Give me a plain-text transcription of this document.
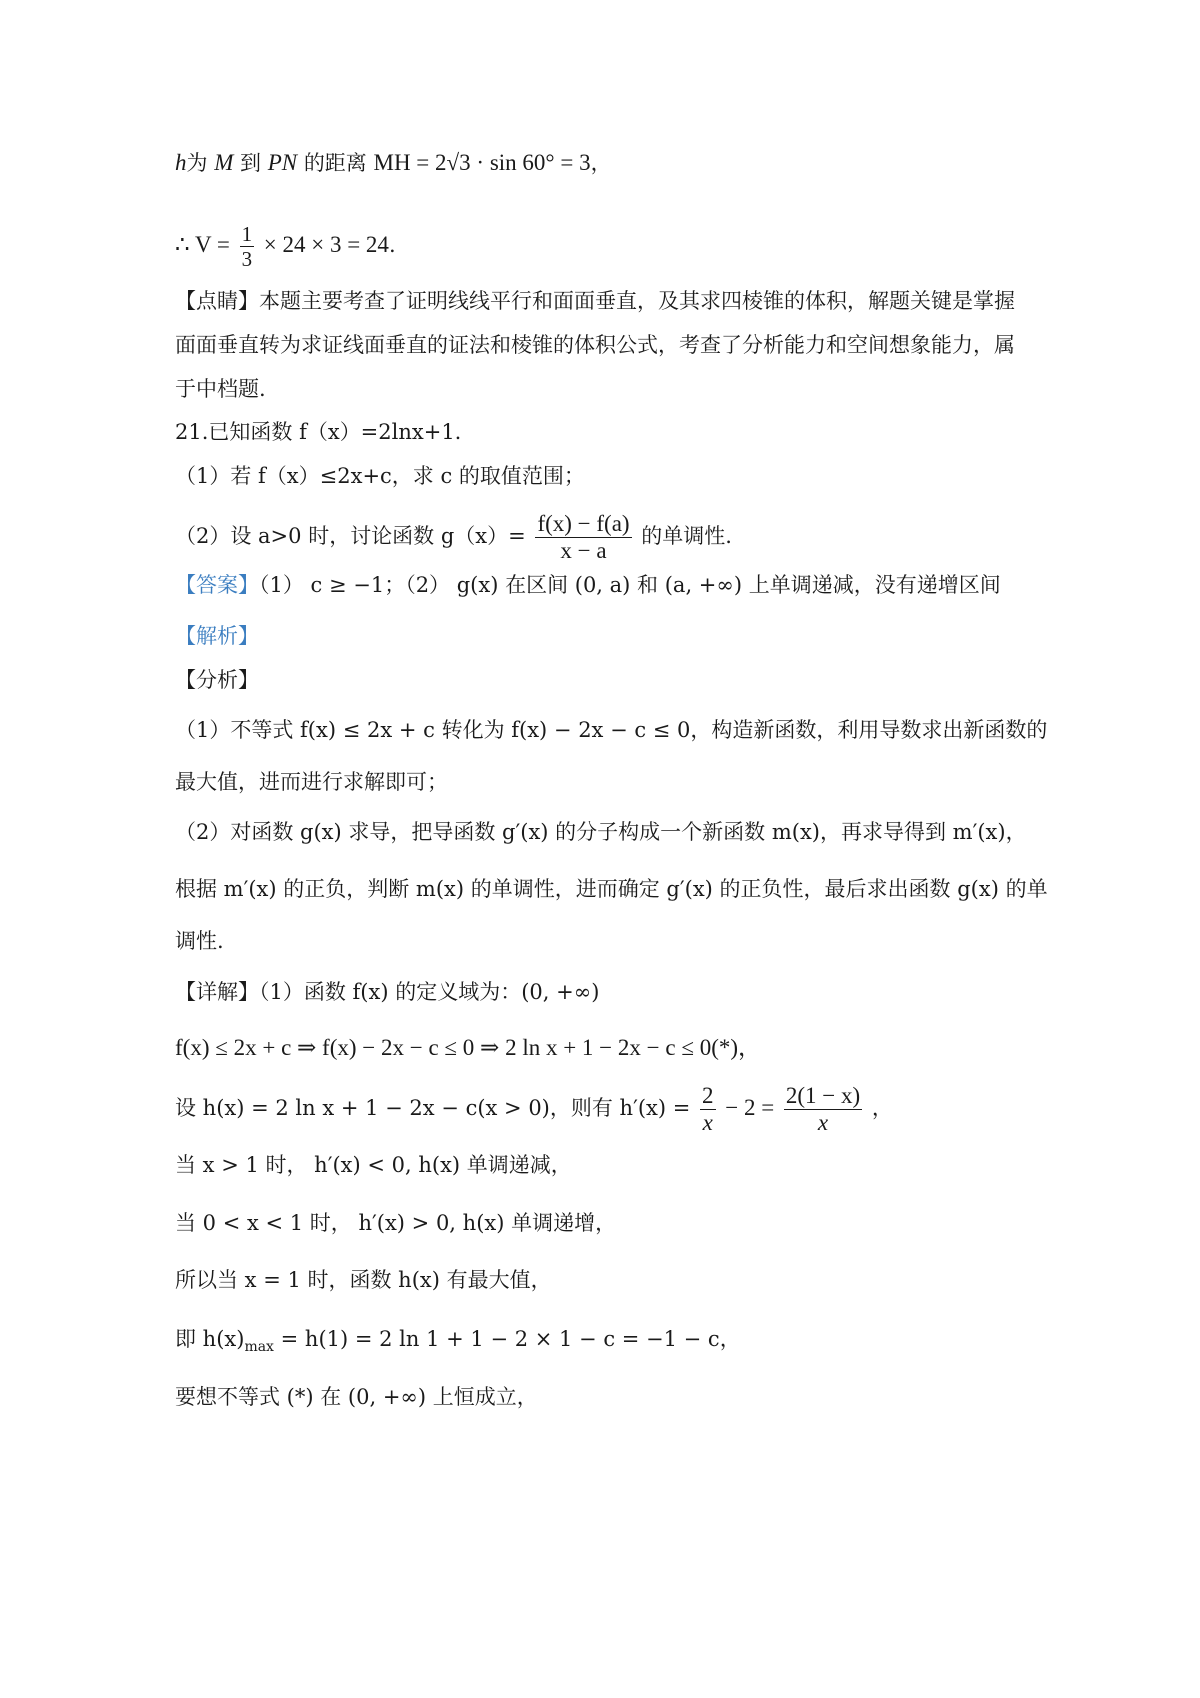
h为 M 到 PN 的距离 MH = 2√3 · sin 60° = 3，
∴ $V = \frac{1}{3} \times 24 \times 3 = 24$.
【点睛】本题主要考查了证明线线平行和面面垂直，及其求四棱锥的体积，解题关键是掌握
面面垂直转为求证线面垂直的证法和棱锥的体积公式，考查了分析能力和空间想象能力，属
于中档题.
21.已知函数 f（x）=2lnx+1.
（1）若 f（x）≤2x+c，求 c 的取值范围；
（2）设 a>0 时，讨论函数 $g(x)= \frac{f(x) - f(a)}{x - a}$ 的单调性.
【答案】（1） c ≥ −1；（2） g(x) 在区间 (0, a) 和 (a, +∞) 上单调递减，没有递增区间
【解析】
【分析】
（1）不等式 f(x) ≤ 2x + c 转化为 f(x) − 2x − c ≤ 0，构造新函数，利用导数求出新函数的
最大值，进而进行求解即可；
（2）对函数 g(x) 求导，把导函数 g′(x) 的分子构成一个新函数 m(x)，再求导得到 m′(x)，
根据 m′(x) 的正负，判断 m(x) 的单调性，进而确定 g′(x) 的正负性，最后求出函数 g(x) 的单
调性.
【详解】（1）函数 f(x) 的定义域为：(0, +∞)
f(x) ≤ 2x + c ⇒ f(x) − 2x − c ≤ 0 ⇒ 2 ln x + 1 − 2x − c ≤ 0(*)，
设 h(x) = 2 ln x + 1 − 2x − c(x > 0)，则有 $h'(x) = \frac{2}{x} - 2 = \frac{2(1 - x)}{x}$ ，
当 x > 1 时， h′(x) < 0, h(x) 单调递减，
当 0 < x < 1 时， h′(x) > 0, h(x) 单调递增，
所以当 x = 1 时，函数 h(x) 有最大值，
即 $h(x)_{max} = h(1) = 2$ ln 1 + 1 − 2 × 1 − c = −1 − c，
要想不等式 (*) 在 (0, +∞) 上恒成立，
